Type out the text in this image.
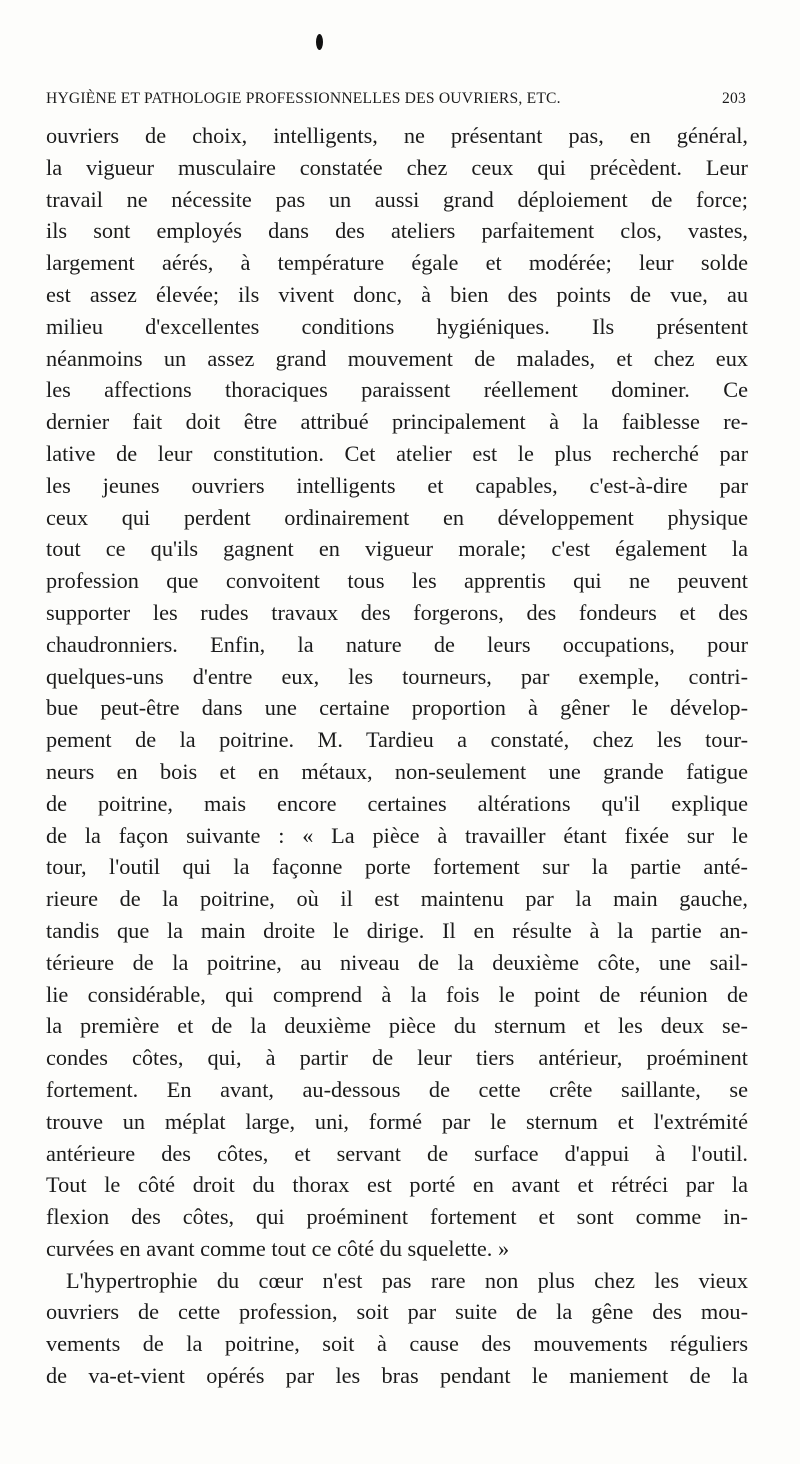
HYGIÈNE ET PATHOLOGIE PROFESSIONNELLES DES OUVRIERS, ETC.	203
ouvriers de choix, intelligents, ne présentant pas, en général,
la vigueur musculaire constatée chez ceux qui précèdent. Leur
travail ne nécessite pas un aussi grand déploiement de force;
ils sont employés dans des ateliers parfaitement clos, vastes,
largement aérés, à température égale et modérée; leur solde
est assez élevée; ils vivent donc, à bien des points de vue, au
milieu d'excellentes conditions hygiéniques. Ils présentent
néanmoins un assez grand mouvement de malades, et chez eux
les affections thoraciques paraissent réellement dominer. Ce
dernier fait doit être attribué principalement à la faiblesse re-
lative de leur constitution. Cet atelier est le plus recherché par
les jeunes ouvriers intelligents et capables, c'est-à-dire par
ceux qui perdent ordinairement en développement physique
tout ce qu'ils gagnent en vigueur morale; c'est également la
profession que convoitent tous les apprentis qui ne peuvent
supporter les rudes travaux des forgerons, des fondeurs et des
chaudronniers. Enfin, la nature de leurs occupations, pour
quelques-uns d'entre eux, les tourneurs, par exemple, contri-
bue peut-être dans une certaine proportion à gêner le dévelop-
pement de la poitrine. M. Tardieu a constaté, chez les tour-
neurs en bois et en métaux, non-seulement une grande fatigue
de poitrine, mais encore certaines altérations qu'il explique
de la façon suivante : « La pièce à travailler étant fixée sur le
tour, l'outil qui la façonne porte fortement sur la partie anté-
rieure de la poitrine, où il est maintenu par la main gauche,
tandis que la main droite le dirige. Il en résulte à la partie an-
térieure de la poitrine, au niveau de la deuxième côte, une sail-
lie considérable, qui comprend à la fois le point de réunion de
la première et de la deuxième pièce du sternum et les deux se-
condes côtes, qui, à partir de leur tiers antérieur, proéminent
fortement. En avant, au-dessous de cette crête saillante, se
trouve un méplat large, uni, formé par le sternum et l'extrémité
antérieure des côtes, et servant de surface d'appui à l'outil.
Tout le côté droit du thorax est porté en avant et rétréci par la
flexion des côtes, qui proéminent fortement et sont comme in-
curvées en avant comme tout ce côté du squelette. »
L'hypertrophie du cœur n'est pas rare non plus chez les vieux
ouvriers de cette profession, soit par suite de la gêne des mou-
vements de la poitrine, soit à cause des mouvements réguliers
de va-et-vient opérés par les bras pendant le maniement de la
